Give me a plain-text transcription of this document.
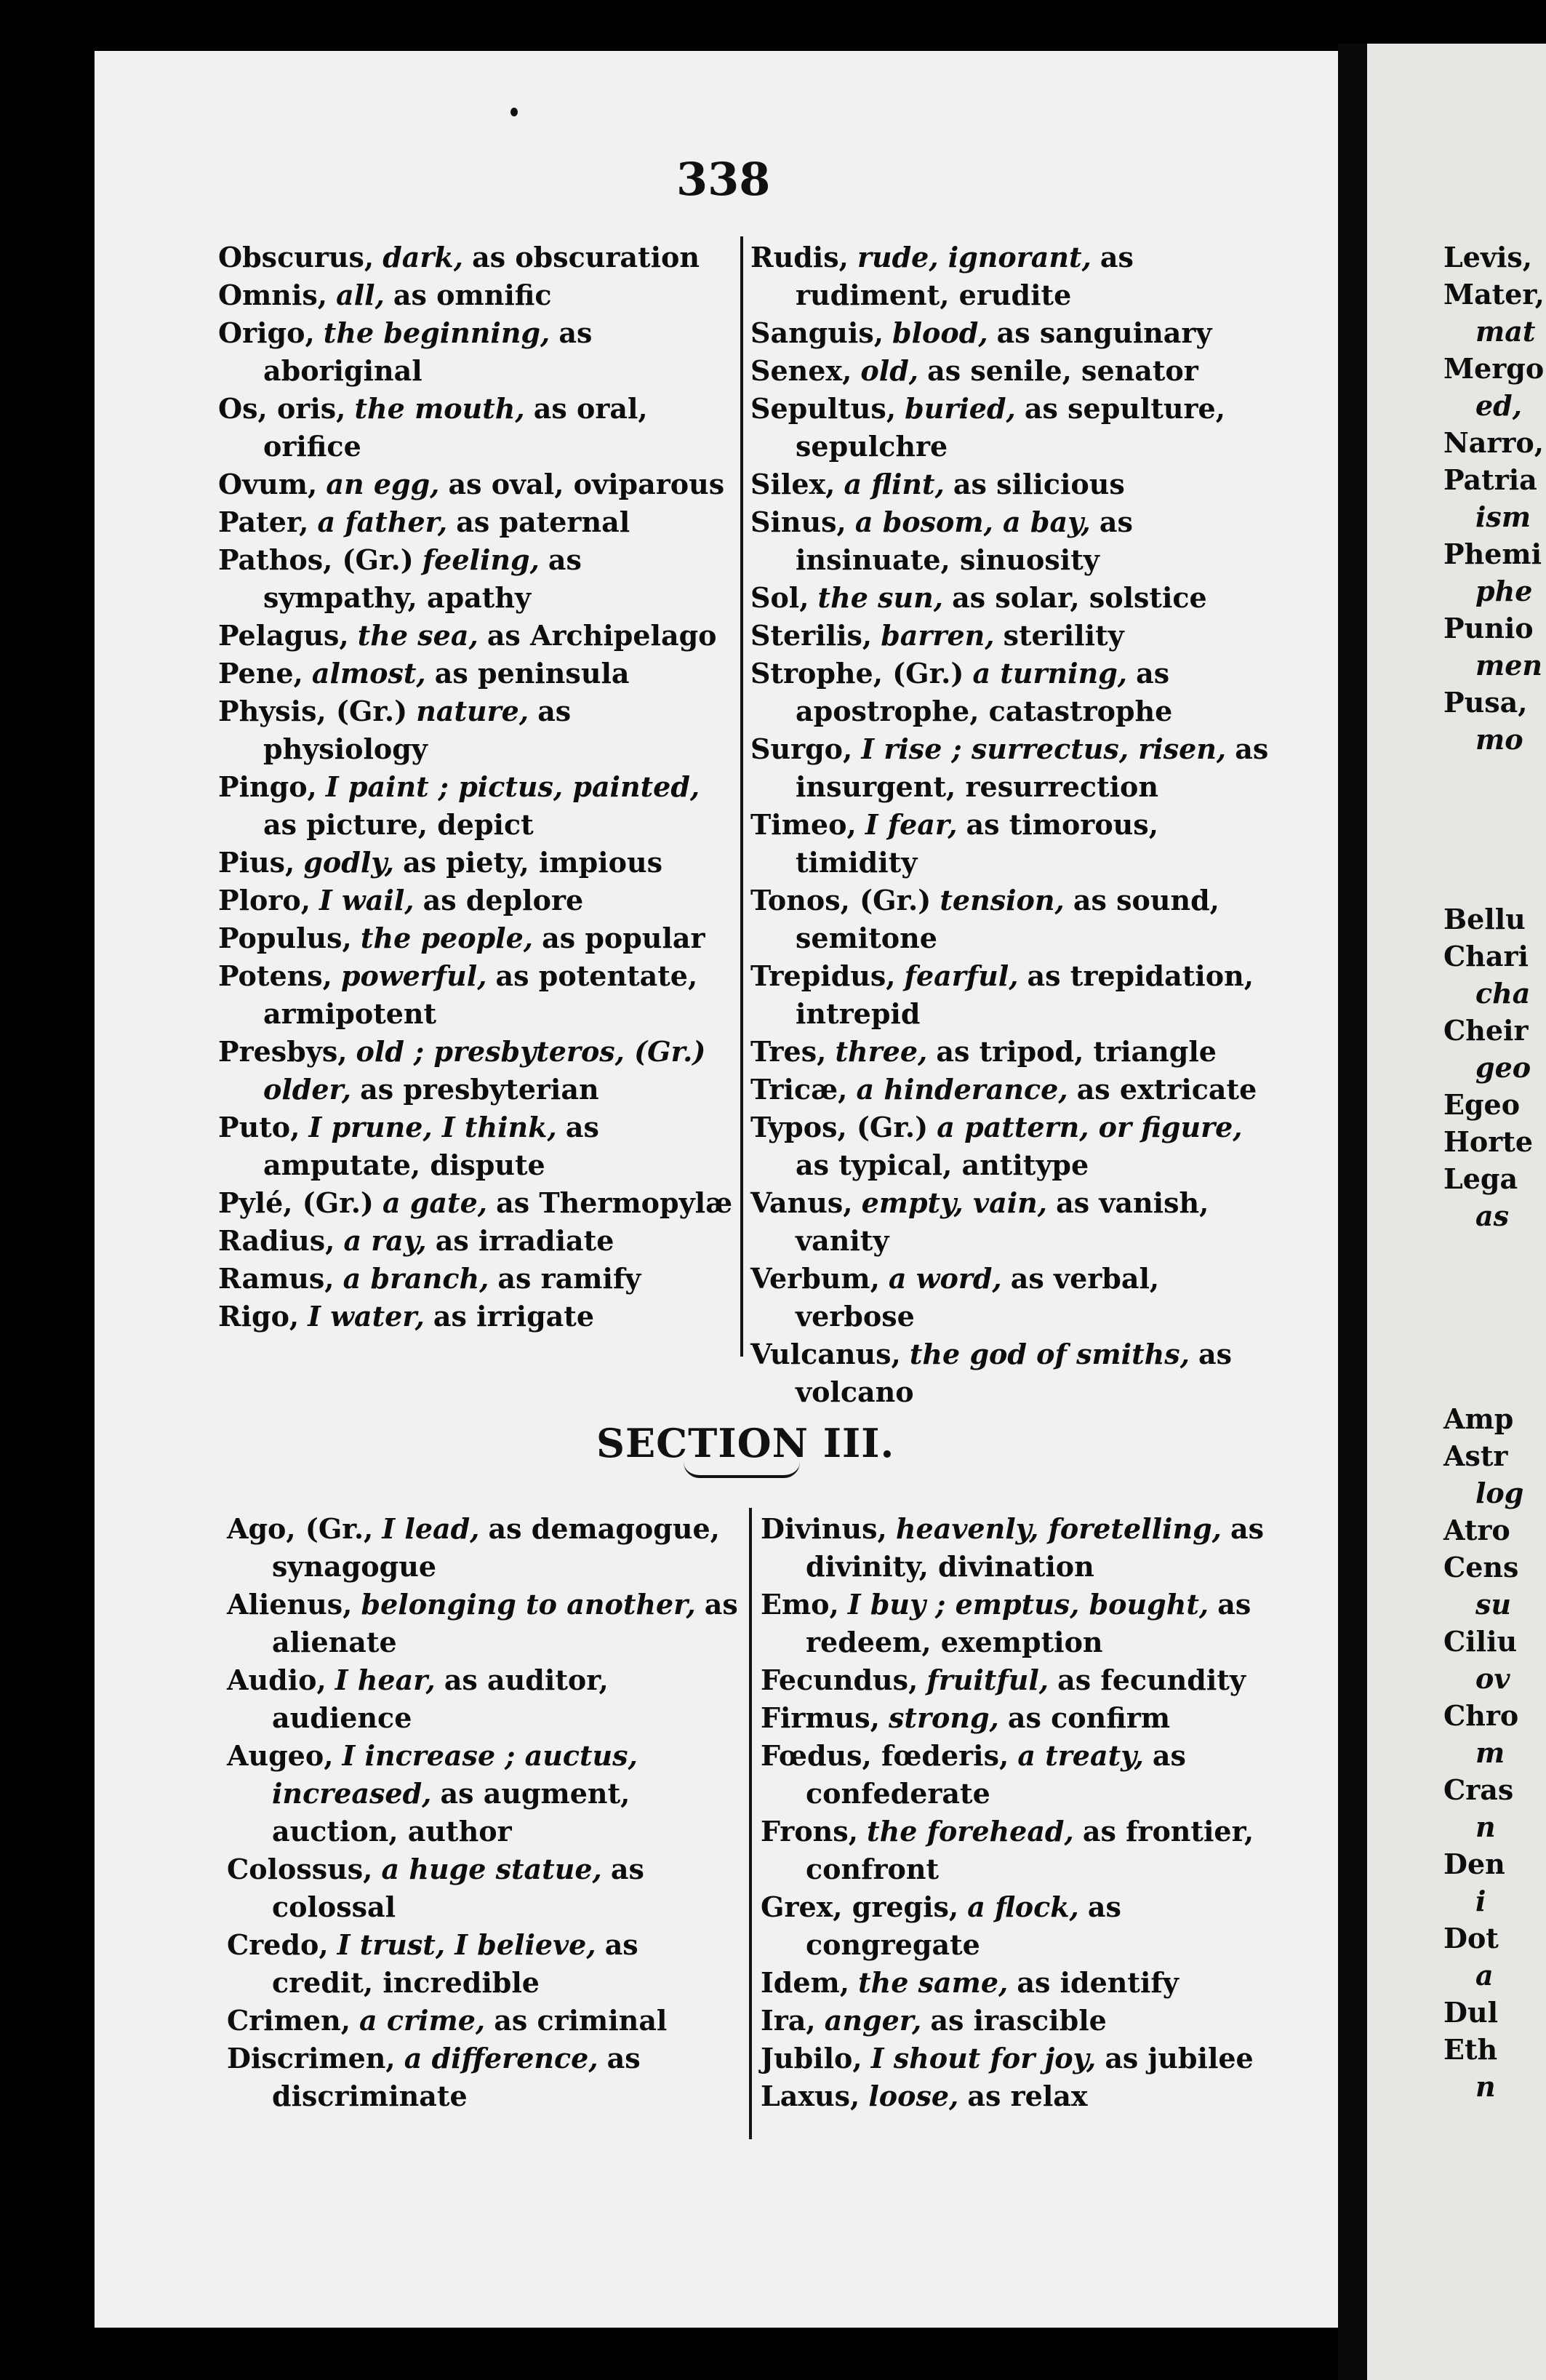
338

Obscurus, dark, as obscuration

Omnis, all, as omnific

Origo, the beginning, as aboriginal

Os, oris, the mouth, as oral, orifice

Ovum, an egg, as oval, oviparous

Pater, a father, as paternal

Pathos, (Gr.) feeling, as sympathy, apathy

Pelagus, the sea, as Archipelago

Pene, almost, as peninsula

Physis, (Gr.) nature, as physiology

Pingo, I paint ; pictus, painted, as picture, depict

Pius, godly, as piety, impious

Ploro, I wail, as deplore

Populus, the people, as popular

Potens, powerful, as potentate, armipotent

Presbys, old ; presbyteros, (Gr.) older, as presbyterian

Puto, I prune, I think, as amputate, dispute

Pylé, (Gr.) a gate, as Thermopylæ

Radius, a ray, as irradiate

Ramus, a branch, as ramify

Rigo, I water, as irrigate

Rudis, rude, ignorant, as rudiment, erudite

Sanguis, blood, as sanguinary

Senex, old, as senile, senator

Sepultus, buried, as sepulture, sepulchre

Silex, a flint, as silicious

Sinus, a bosom, a bay, as insinuate, sinuosity

Sol, the sun, as solar, solstice

Sterilis, barren, sterility

Strophe, (Gr.) a turning, as apostrophe, catastrophe

Surgo, I rise ; surrectus, risen, as insurgent, resurrection

Timeo, I fear, as timorous, timidity

Tonos, (Gr.) tension, as sound, semitone

Trepidus, fearful, as trepidation, intrepid

Tres, three, as tripod, triangle

Tricæ, a hinderance, as extricate

Typos, (Gr.) a pattern, or figure, as typical, antitype

Vanus, empty, vain, as vanish, vanity

Verbum, a word, as verbal, verbose

Vulcanus, the god of smiths, as volcano

SECTION III.

Ago, (Gr., I lead, as demagogue, synagogue

Alienus, belonging to another, as alienate

Audio, I hear, as auditor, audience

Augeo, I increase ; auctus, increased, as augment, auction, author

Colossus, a huge statue, as colossal

Credo, I trust, I believe, as credit, incredible

Crimen, a crime, as criminal

Discrimen, a difference, as discriminate

Divinus, heavenly, foretelling, as divinity, divination

Emo, I buy ; emptus, bought, as redeem, exemption

Fecundus, fruitful, as fecundity

Firmus, strong, as confirm

Fœdus, fœderis, a treaty, as confederate

Frons, the forehead, as frontier, confront

Grex, gregis, a flock, as congregate

Idem, the same, as identify

Ira, anger, as irascible

Jubilo, I shout for joy, as jubilee

Laxus, loose, as relax

Levis,

Mater,

mat

Mergo

ed,

Narro,

Patria

ism

Phemi

phe

Punio

men

Pusa,

mo

Bellu

Chari

cha

Cheir

geo

Egeo

Horte

Lega

as

Amp

Astr

log

Atro

Cens

su

Ciliu

ov

Chro

m

Cras

n

Den

i

Dot

a

Dul

Eth

n
